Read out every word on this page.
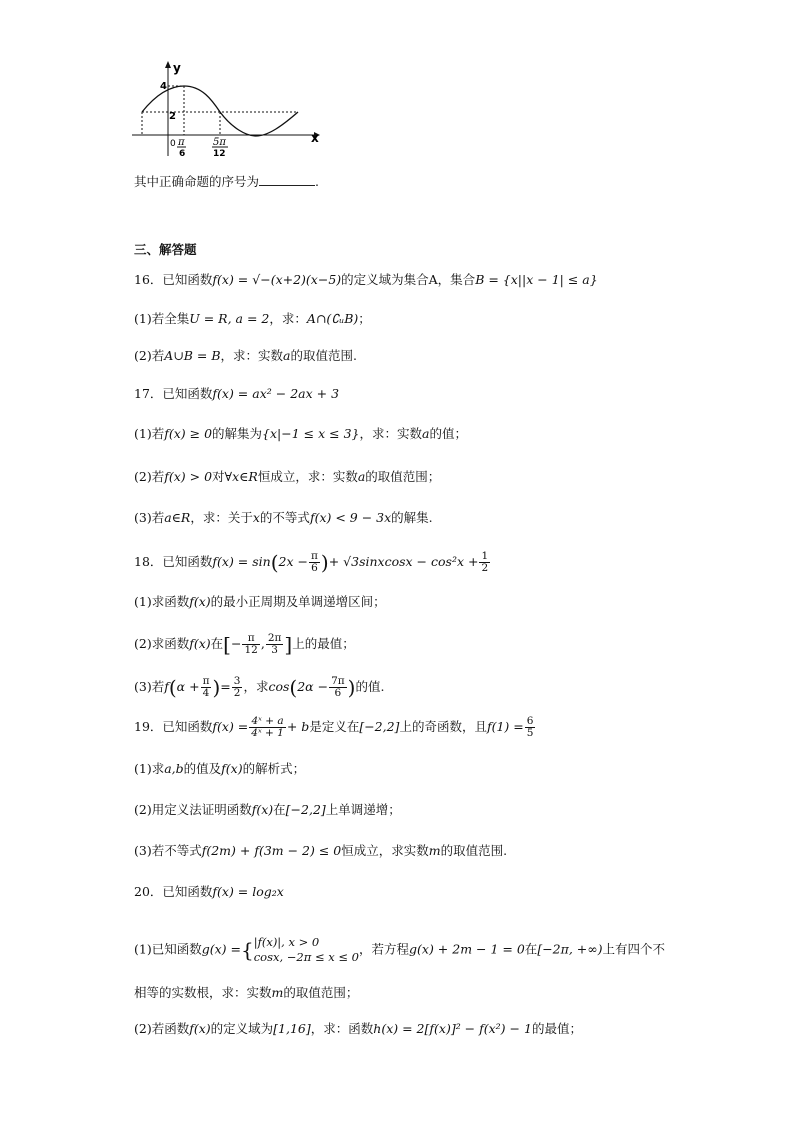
y
x
4
2
0 π
6
5π
12
其中正确命题的序号为	.
三、解答题
16．已知函数f(x) = √−(x+2)(x−5)的定义域为集合A，集合B = {x||x − 1| ≤ a}
(1)若全集U = R, a = 2，求：A∩(∁ᵤB)；
(2)若A∪B = B，求：实数a的取值范围.
17．已知函数f(x) = ax² − 2ax + 3
(1)若f(x) ≥ 0的解集为{x|−1 ≤ x ≤ 3}，求：实数a的值；
(2)若f(x) > 0对∀x∈R恒成立，求：实数a的取值范围；
(3)若a∈R，求：关于x的不等式f(x) < 9 − 3x的解集.
18．已知函数$f(x) = \sin(2x - \frac{\pi}{6}$ )+ √3sinxcosx − $\cos^2x + \frac{1}{2}$
(1)求函数f(x)的最小正周期及单调递增区间；
(2)求函数f(x)在[− $\frac{\pi}{12}$ , $\frac{2\pi}{3}$ ]上的最值；
(3)若$f(\alpha + \frac{\pi}{4}$ )= $\frac{3}{2}$ ，求$\cos(2\alpha - \frac{7\pi}{6}$ )的值.
19．已知函数$f(x) = \frac{\text{4ˣ + a}}{\text{4ˣ + 1}} + b$是定义在[−2,2]上的奇函数，且$f(1) = \frac{6}{5}$
(1)求a,b的值及f(x)的解析式；
(2)用定义法证明函数f(x)在[−2,2]上单调递增；
(3)若不等式f(2m) + f(3m − 2) ≤ 0恒成立，求实数m的取值范围.
20．已知函数f(x) = log₂x
(1)已知函数g(x) ={ |f(x)|, x > 0
cosx, −2π ≤ x ≤ 0
，若方程g(x) + 2m − 1 = 0在[−2π, +∞)上有四个不
相等的实数根，求：实数m的取值范围；
(2)若函数f(x)的定义域为[1,16]，求：函数h(x) = 2[f(x)]² − f(x²) − 1的最值；
